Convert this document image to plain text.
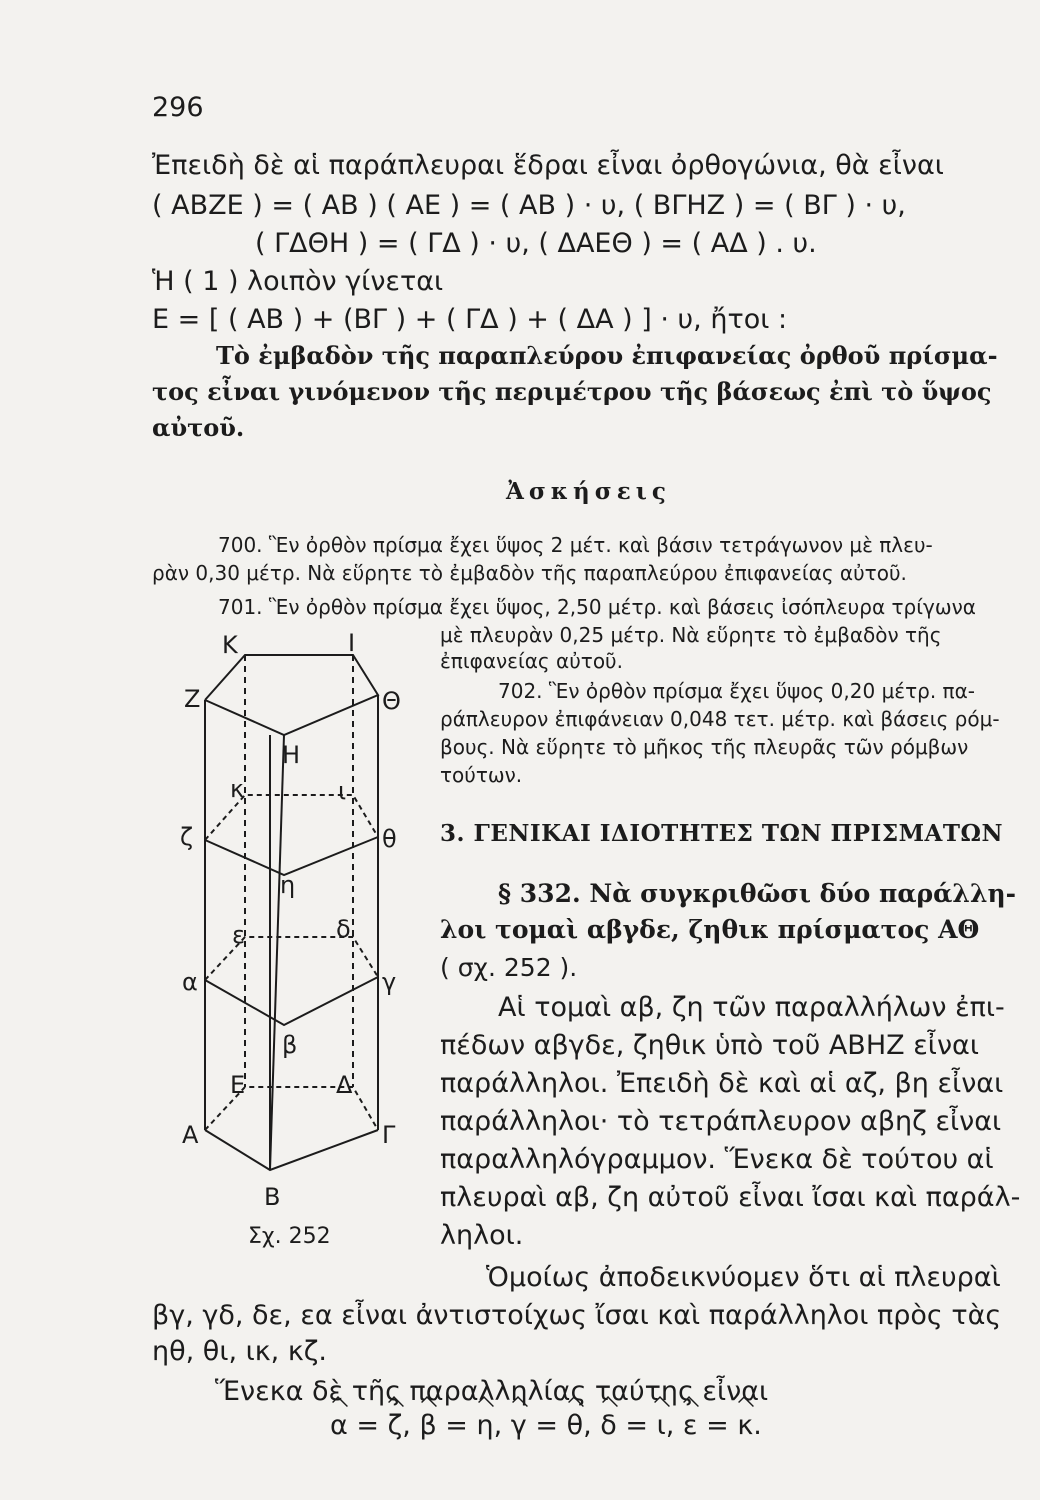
296
Ἐπειδὴ δὲ αἱ παράπλευραι ἕδραι εἶναι ὀρθογώνια, θὰ εἶναι
( ΑΒΖΕ ) = ( ΑΒ ) ( ΑΕ ) = ( ΑΒ ) · υ, ( ΒΓΗΖ ) = ( ΒΓ ) · υ,
( ΓΔΘΗ ) = ( ΓΔ ) · υ, ( ΔΑΕΘ ) = ( ΑΔ ) . υ.
Ἡ ( 1 ) λοιπὸν γίνεται
Ε = [ ( ΑΒ ) + (ΒΓ ) + ( ΓΔ ) + ( ΔΑ ) ] · υ, ἤτοι :
Τὸ ἐμβαδὸν τῆς παραπλεύρου ἐπιφανείας ὀρθοῦ πρίσμα-
τος εἶναι γινόμενον τῆς περιμέτρου τῆς βάσεως ἐπὶ τὸ ὕψος
αὐτοῦ.
Ἀσκήσεις
700. Ἓν ὀρθὸν πρίσμα ἔχει ὕψος 2 μέτ. καὶ βάσιν τετράγωνον μὲ πλευ-
ρὰν 0,30 μέτρ. Νὰ εὕρητε τὸ ἐμβαδὸν τῆς παραπλεύρου ἐπιφανείας αὐτοῦ.
701. Ἓν ὀρθὸν πρίσμα ἔχει ὕψος, 2,50 μέτρ. καὶ βάσεις ἰσόπλευρα τρίγωνα
μὲ πλευρὰν 0,25 μέτρ. Νὰ εὕρητε τὸ ἐμβαδὸν τῆς
ἐπιφανείας αὐτοῦ.
702. Ἓν ὀρθὸν πρίσμα ἔχει ὕψος 0,20 μέτρ. πα-
ράπλευρον ἐπιφάνειαν 0,048 τετ. μέτρ. καὶ βάσεις ρόμ-
βους. Νὰ εὕρητε τὸ μῆκος τῆς πλευρᾶς τῶν ρόμβων
τούτων.
3. ΓΕΝΙΚΑΙ ΙΔΙΟΤΗΤΕΣ ΤΩΝ ΠΡΙΣΜΑΤΩΝ
§ 332. Νὰ συγκριθῶσι δύο παράλλη-
λοι τομαὶ αβγδε, ζηθικ πρίσματος ΑΘ
( σχ. 252 ).
Αἱ τομαὶ αβ, ζη τῶν παραλλήλων ἐπι-
πέδων αβγδε, ζηθικ ὑπὸ τοῦ ΑΒΗΖ εἶναι
παράλληλοι. Ἐπειδὴ δὲ καὶ αἱ αζ, βη εἶναι
παράλληλοι· τὸ τετράπλευρον αβηζ εἶναι
παραλληλόγραμμον. Ἕνεκα δὲ τούτου αἱ
πλευραὶ αβ, ζη αὐτοῦ εἶναι ἴσαι καὶ παράλ-
ληλοι.
Ὁμοίως ἀποδεικνύομεν ὅτι αἱ πλευραὶ
βγ, γδ, δε, εα εἶναι ἀντιστοίχως ἴσαι καὶ παράλληλοι πρὸς τὰς
ηθ, θι, ικ, κζ.
Ἕνεκα δὲ τῆς παραλληλίας ταύτης εἶναι
α = ζ, β = η, γ = θ, δ = ι, ε = κ.
Κ	Ι
Ζ	Θ
Η
κ	ι
ζ	θ
η
ε	δ
α	γ
β
Ε	Δ
Α	Γ
Β
Σχ. 252
